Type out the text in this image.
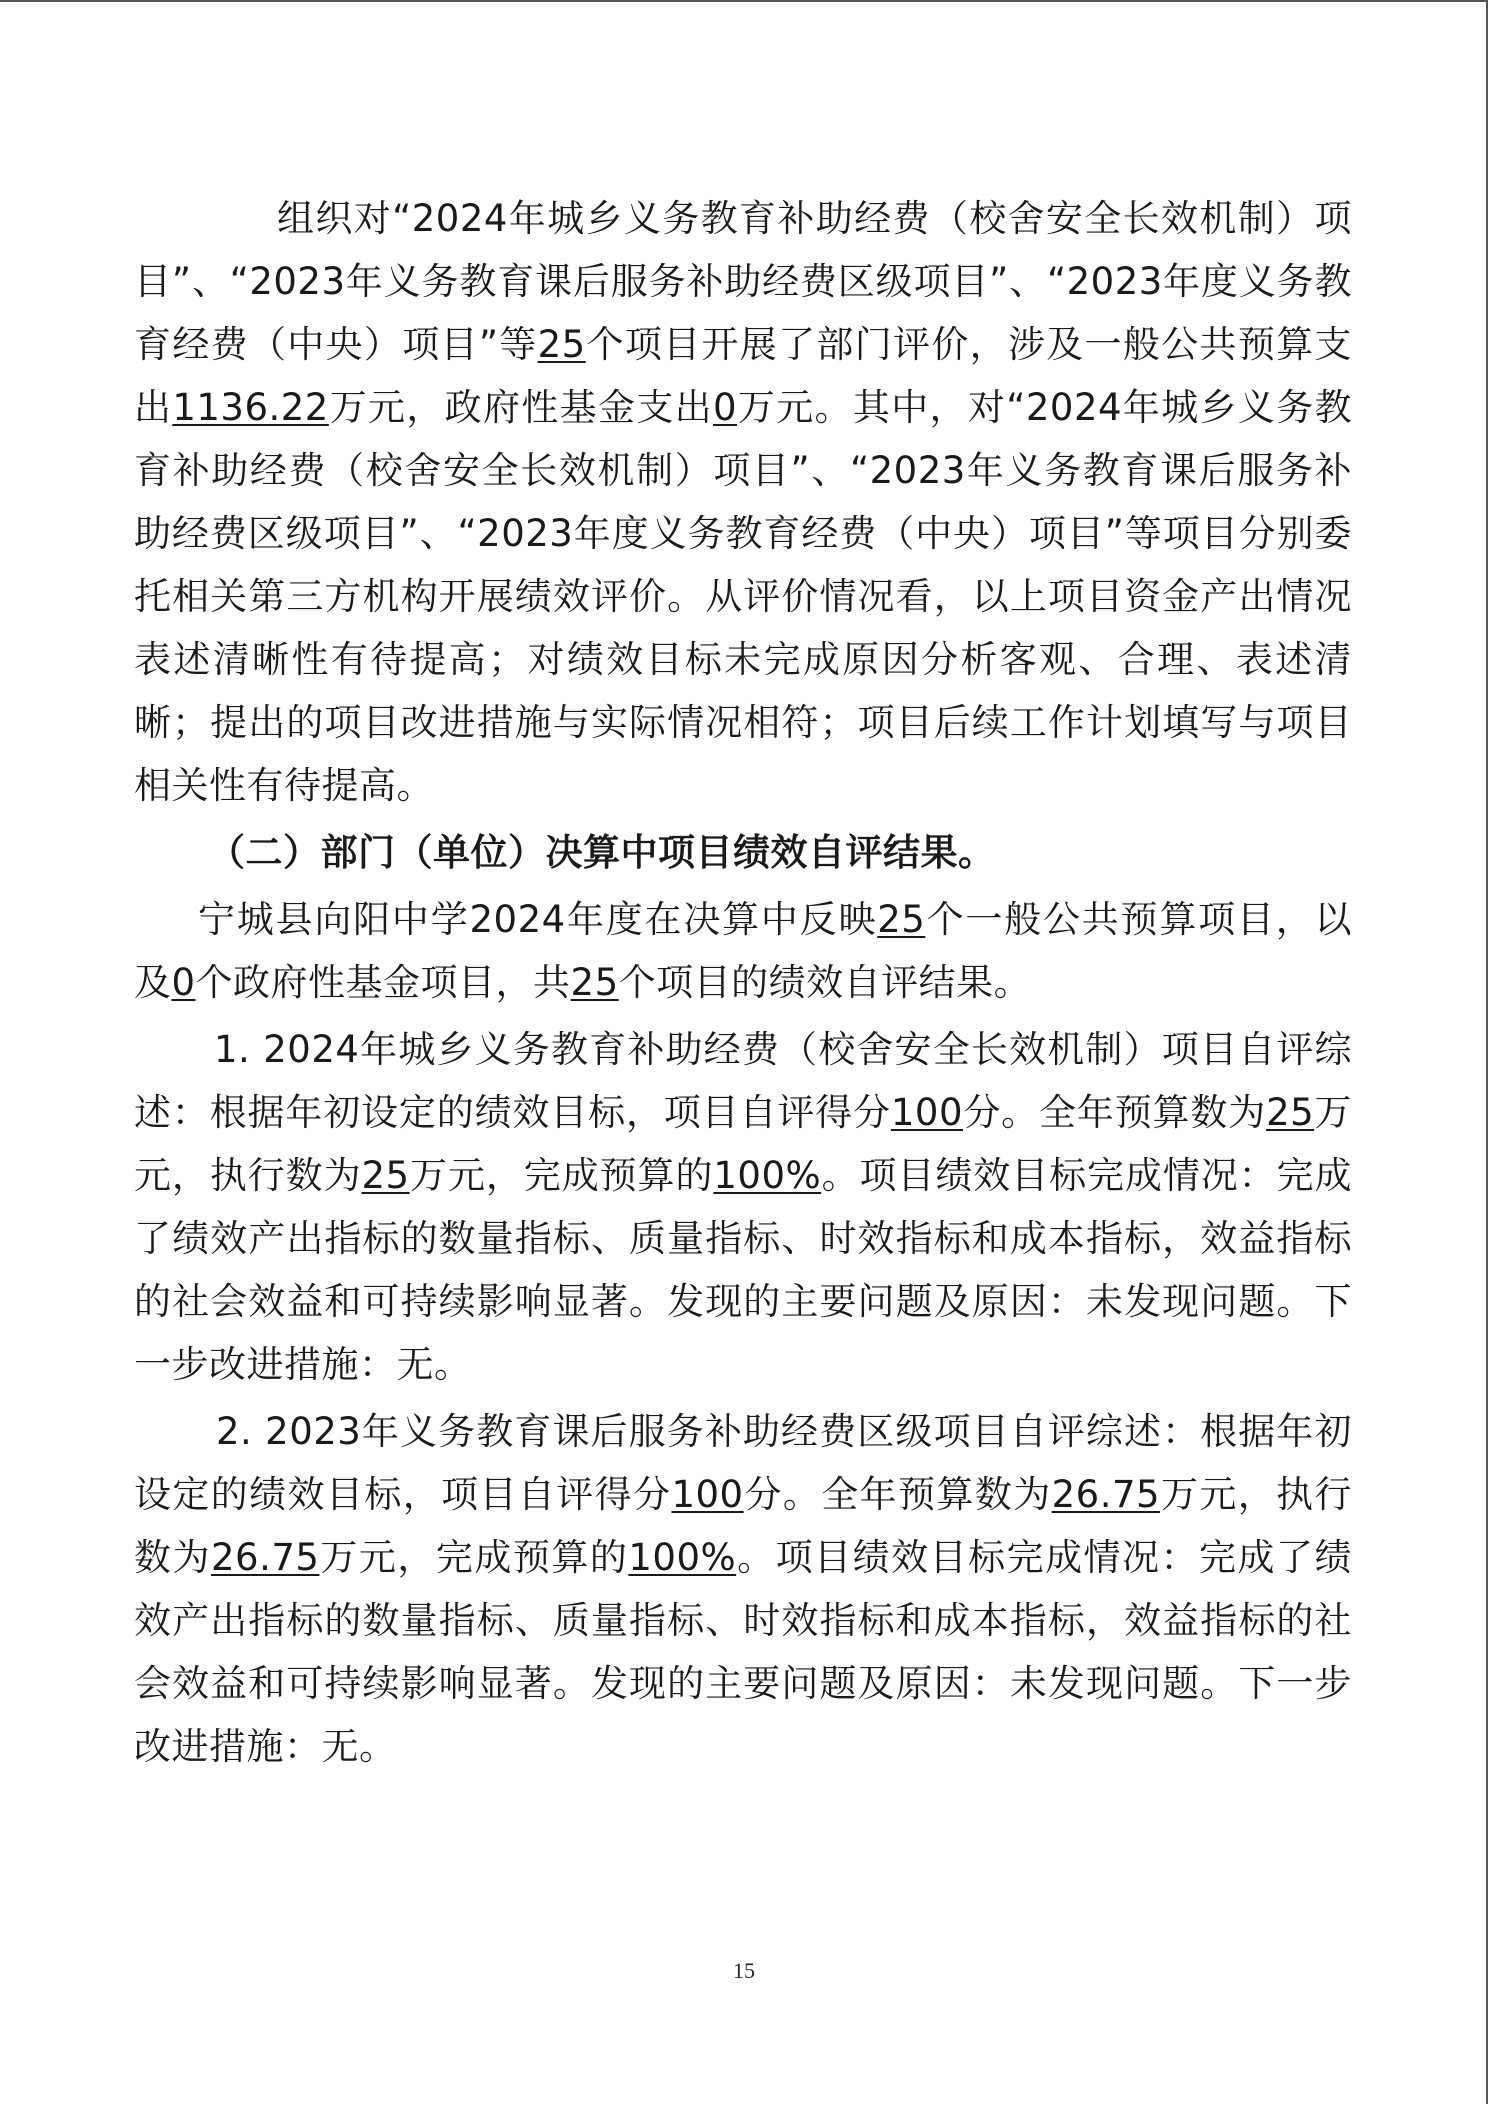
组织对“2024年城乡义务教育补助经费（校舍安全长效机制）项目”、“2023年义务教育课后服务补助经费区级项目”、“2023年度义务教育经费（中央）项目”等25个项目开展了部门评价，涉及一般公共预算支出1136.22万元，政府性基金支出0万元。其中，对“2024年城乡义务教育补助经费（校舍安全长效机制）项目”、“2023年义务教育课后服务补助经费区级项目”、“2023年度义务教育经费（中央）项目”等项目分别委托相关第三方机构开展绩效评价。从评价情况看，以上项目资金产出情况表述清晰性有待提高；对绩效目标未完成原因分析客观、合理、表述清晰；提出的项目改进措施与实际情况相符；项目后续工作计划填写与项目相关性有待提高。

（二）部门（单位）决算中项目绩效自评结果。

宁城县向阳中学2024年度在决算中反映25个一般公共预算项目，以及0个政府性基金项目，共25个项目的绩效自评结果。

1. 2024年城乡义务教育补助经费（校舍安全长效机制）项目自评综述：根据年初设定的绩效目标，项目自评得分100分。全年预算数为25万元，执行数为25万元，完成预算的100%。项目绩效目标完成情况：完成了绩效产出指标的数量指标、质量指标、时效指标和成本指标，效益指标的社会效益和可持续影响显著。发现的主要问题及原因：未发现问题。下一步改进措施：无。

2. 2023年义务教育课后服务补助经费区级项目自评综述：根据年初设定的绩效目标，项目自评得分100分。全年预算数为26.75万元，执行数为26.75万元，完成预算的100%。项目绩效目标完成情况：完成了绩效产出指标的数量指标、质量指标、时效指标和成本指标，效益指标的社会效益和可持续影响显著。发现的主要问题及原因：未发现问题。下一步改进措施：无。

15
